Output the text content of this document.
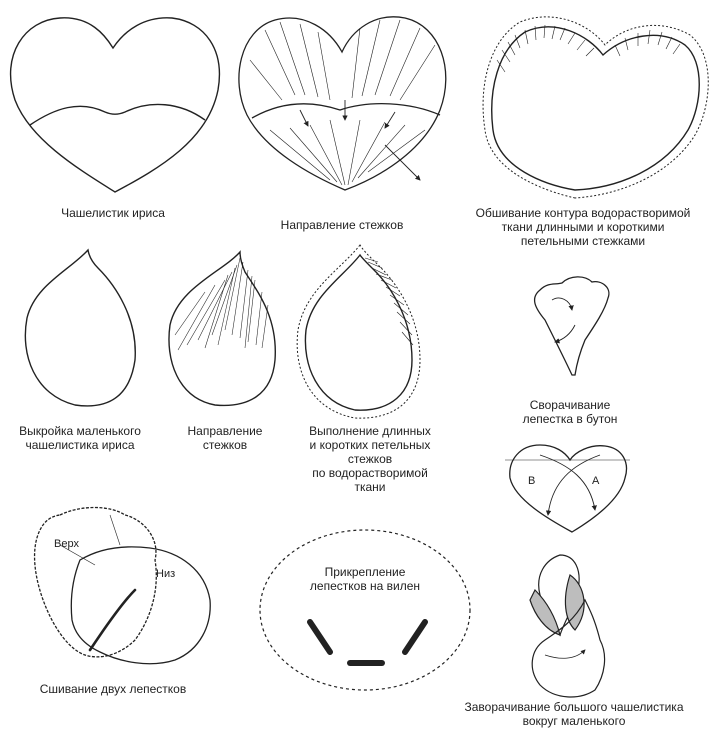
Чашелистик ириса
Направление стежков
Обшивание контура водорастворимой
ткани длинными и короткими
петельными стежками
Выкройка маленького
чашелистика ириса
Направление
стежков
Выполнение длинных
и коротких петельных
стежков
по водорастворимой
ткани
Сворачивание
лепестка в бутон
Сшивание двух лепестков
Прикрепление
лепестков на вилен
Заворачивание большого чашелистика
вокруг маленького
Верх
Низ
А
В
